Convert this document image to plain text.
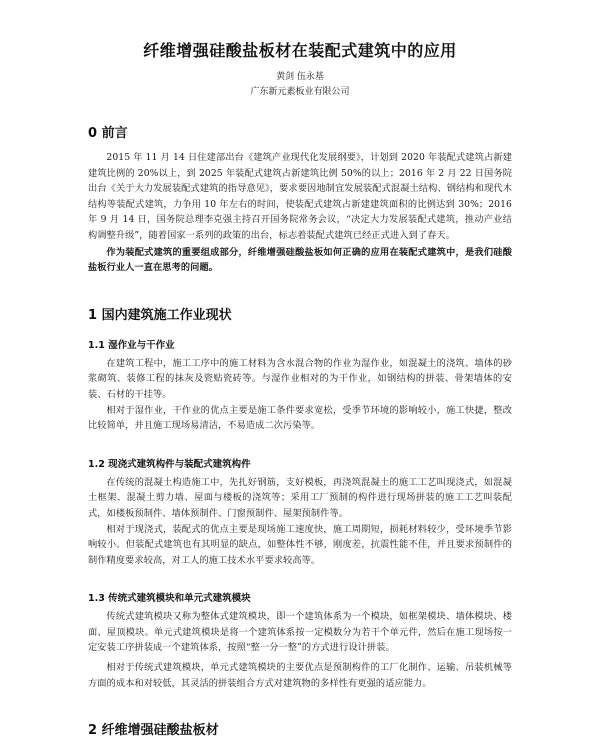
纤维增强硅酸盐板材在装配式建筑中的应用
黄剑 伍永基
广东新元素板业有限公司
0 前言

2015 年 11 月 14 日住建部出台《建筑产业现代化发展纲要》，计划到 2020 年装配式建筑占新建建筑比例的 20%以上，到 2025 年装配式建筑占新建筑比例 50%的以上；2016 年 2 月 22 日国务院出台《关于大力发展装配式建筑的指导意见》，要求要因地制宜发展装配式混凝土结构、钢结构和现代木结构等装配式建筑，力争用 10 年左右的时间，使装配式建筑占新建建筑面积的比例达到 30%；2016 年 9 月 14 日，国务院总理李克强主持召开国务院常务会议，“决定大力发展装配式建筑，推动产业结构调整升级”，随着国家一系列的政策的出台，标志着装配式建筑已经正式进入到了春天。

作为装配式建筑的重要组成部分，纤维增强硅酸盐板如何正确的应用在装配式建筑中，是我们硅酸盐板行业人一直在思考的问题。

1 国内建筑施工作业现状
1.1 湿作业与干作业

在建筑工程中，施工工序中的施工材料为含水混合物的作业为湿作业，如混凝土的浇筑、墙体的砂浆砌筑、装修工程的抹灰及瓷贴瓷砖等。与湿作业相对的为干作业，如钢结构的拼装、骨架墙体的安装、石材的干挂等。

相对于湿作业，干作业的优点主要是施工条件要求宽松，受季节环境的影响较小，施工快捷，整改比较简单，并且施工现场易清洁，不易造成二次污染等。

1.2 现浇式建筑构件与装配式建筑构件

在传统的混凝土构造施工中，先扎好钢筋，支好模板，再浇筑混凝土的施工工艺叫现浇式，如混凝土框架、混凝土剪力墙、屋面与楼板的浇筑等；采用工厂预制的构件进行现场拼装的施工工艺叫装配式，如楼板预制件、墙体预制件、门窗预制件、屋架预制件等。

相对于现浇式，装配式的优点主要是现场施工速度快，施工周期短，损耗材料较少，受环境季节影响较小。但装配式建筑也有其明显的缺点，如整体性不够，刚度差，抗震性能不佳，并且要求预制件的制作精度要求较高，对工人的施工技术水平要求较高等。

1.3 传统式建筑模块和单元式建筑模块

传统式建筑模块又称为整体式建筑模块，即一个建筑体系为一个模块，如框架模块、墙体模块、楼面、屋顶模块。单元式建筑模块是将一个建筑体系按一定模数分为若干个单元件，然后在施工现场按一定安装工序拼装成一个建筑体系，按照“整一分一整”的方式进行设计拼装。

相对于传统式建筑模块，单元式建筑模块的主要优点是预制构件的工厂化制作、运输、吊装机械等方面的成本和对较低，其灵活的拼装组合方式对建筑物的多样性有更强的适应能力。

2 纤维增强硅酸盐板材
